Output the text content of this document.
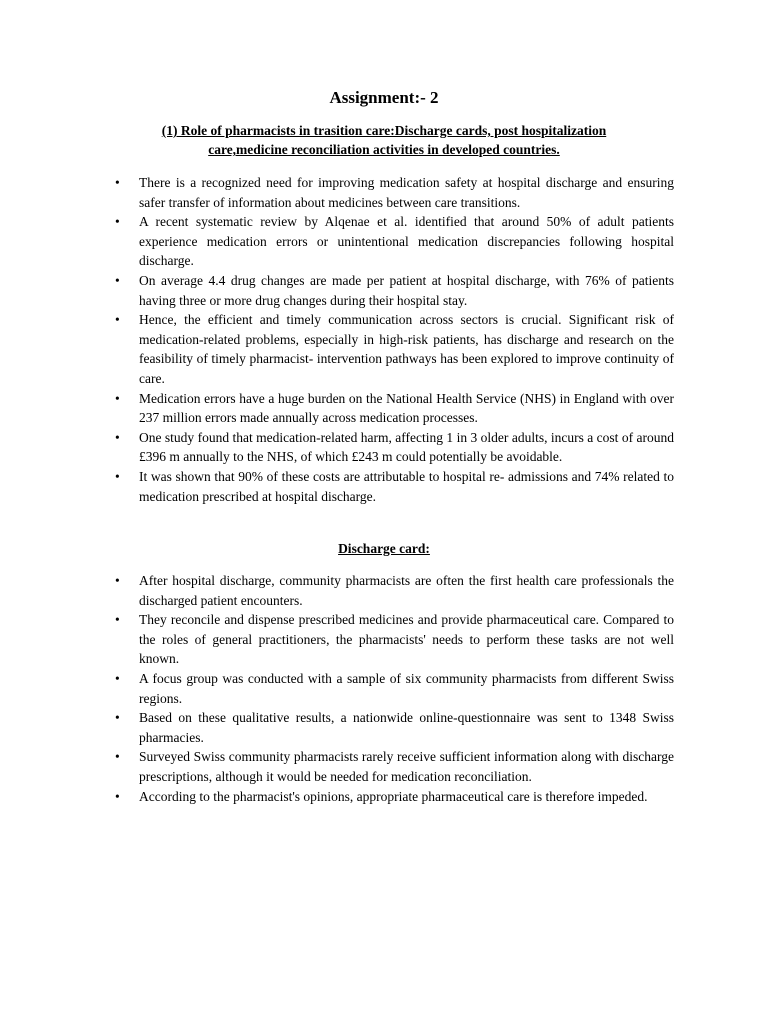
Assignment:- 2
(1) Role of pharmacists in trasition care:Discharge cards, post hospitalization
care,medicine reconciliation activities in developed countries.
• There is a recognized need for improving medication safety at hospital discharge and ensuring safer transfer of information about medicines between care transitions.
• A recent systematic review by Alqenae et al. identified that around 50% of adult patients experience medication errors or unintentional medication discrepancies following hospital discharge.
• On average 4.4 drug changes are made per patient at hospital discharge, with 76% of patients having three or more drug changes during their hospital stay.
• Hence, the efficient and timely communication across sectors is crucial. Significant risk of medication-related problems, especially in high-risk patients, has discharge and research on the feasibility of timely pharmacist- intervention pathways has been explored to improve continuity of care.
• Medication errors have a huge burden on the National Health Service (NHS) in England with over 237 million errors made annually across medication processes.
• One study found that medication-related harm, affecting 1 in 3 older adults, incurs a cost of around £396 m annually to the NHS, of which £243 m could potentially be avoidable.
• It was shown that 90% of these costs are attributable to hospital re- admissions and 74% related to medication prescribed at hospital discharge.
Discharge card:
• After hospital discharge, community pharmacists are often the first health care professionals the discharged patient encounters.
• They reconcile and dispense prescribed medicines and provide pharmaceutical care. Compared to the roles of general practitioners, the pharmacists' needs to perform these tasks are not well known.
• A focus group was conducted with a sample of six community pharmacists from different Swiss regions.
• Based on these qualitative results, a nationwide online-questionnaire was sent to 1348 Swiss pharmacies.
• Surveyed Swiss community pharmacists rarely receive sufficient information along with discharge prescriptions, although it would be needed for medication reconciliation.
• According to the pharmacist's opinions, appropriate pharmaceutical care is therefore impeded.
